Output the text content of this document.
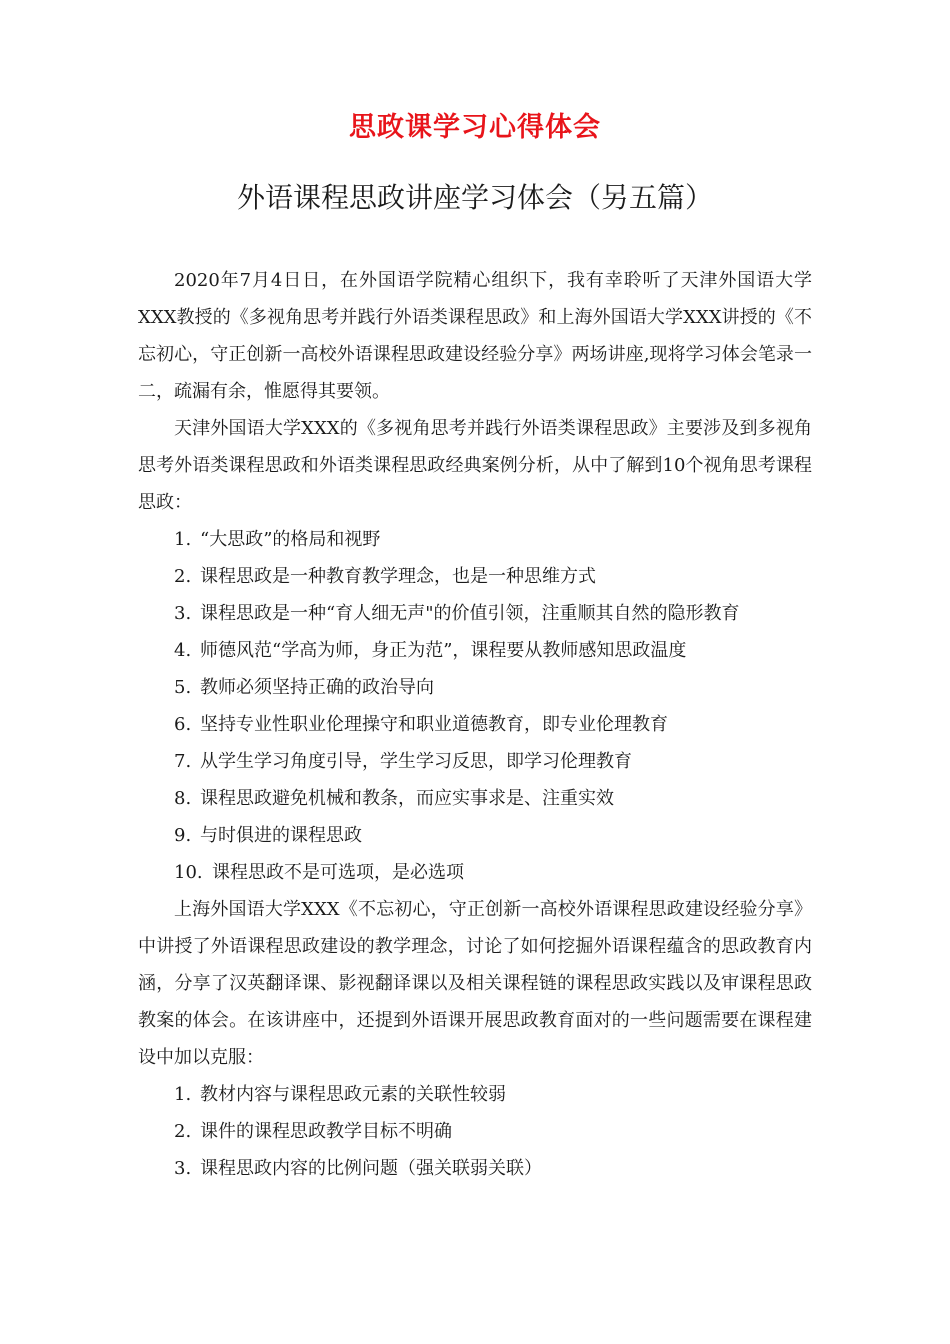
思政课学习心得体会
外语课程思政讲座学习体会（另五篇）

2020年7月4日日，在外国语学院精心组织下，我有幸聆听了天津外国语大学XXX教授的《多视角思考并践行外语类课程思政》和上海外国语大学XXX讲授的《不忘初心，守正创新一高校外语课程思政建设经验分享》两场讲座,现将学习体会笔录一二，疏漏有余，惟愿得其要领。

天津外国语大学XXX的《多视角思考并践行外语类课程思政》主要涉及到多视角思考外语类课程思政和外语类课程思政经典案例分析，从中了解到10个视角思考课程思政：

1. “大思政”的格局和视野

2. 课程思政是一种教育教学理念，也是一种思维方式

3. 课程思政是一种“育人细无声"的价值引领，注重顺其自然的隐形教育

4. 师德风范“学高为师，身正为范”，课程要从教师感知思政温度

5. 教师必须坚持正确的政治导向

6. 坚持专业性职业伦理操守和职业道德教育，即专业伦理教育

7. 从学生学习角度引导，学生学习反思，即学习伦理教育

8. 课程思政避免机械和教条，而应实事求是、注重实效

9. 与时俱进的课程思政

10. 课程思政不是可选项，是必选项

上海外国语大学XXX《不忘初心，守正创新一高校外语课程思政建设经验分享》中讲授了外语课程思政建设的教学理念，讨论了如何挖掘外语课程蕴含的思政教育内涵，分享了汉英翻译课、影视翻译课以及相关课程链的课程思政实践以及审课程思政教案的体会。在该讲座中，还提到外语课开展思政教育面对的一些问题需要在课程建设中加以克服：

1. 教材内容与课程思政元素的关联性较弱

2. 课件的课程思政教学目标不明确

3. 课程思政内容的比例问题（强关联弱关联）
